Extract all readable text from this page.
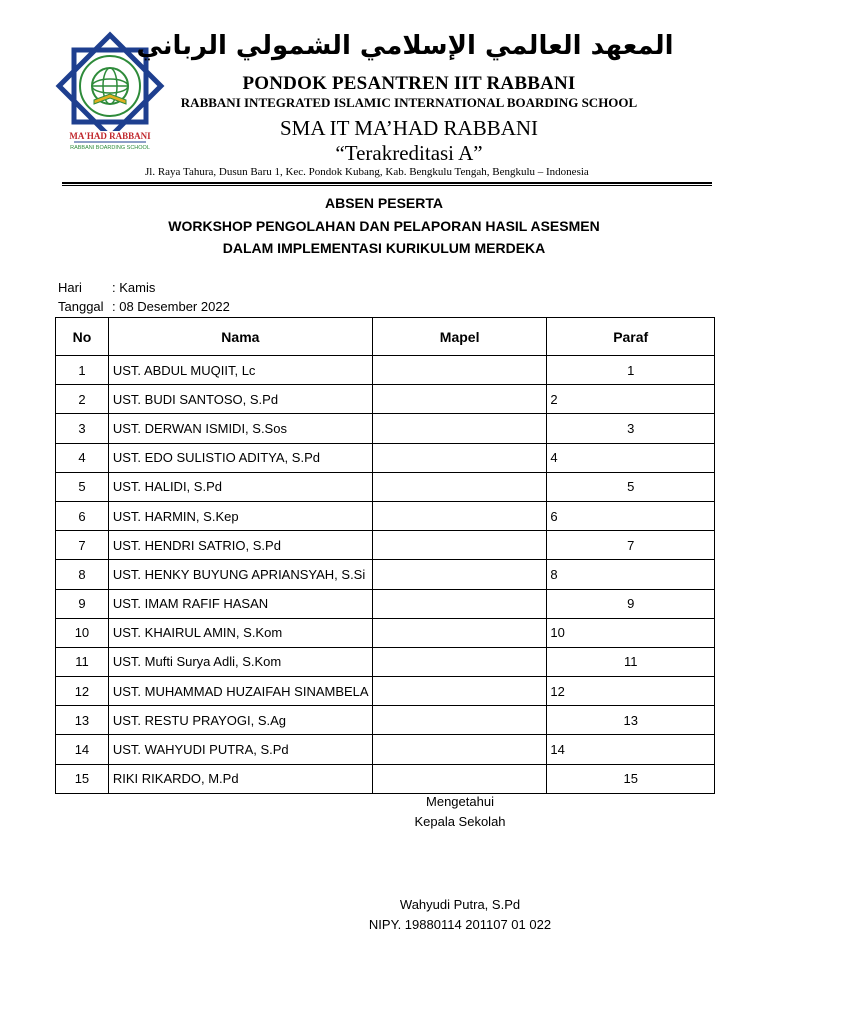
MA'HAD RABBANI
RABBANI BOARDING SCHOOL
المعهد العالمي الإسلامي الشمولي الرباني
PONDOK PESANTREN IIT RABBANI
RABBANI INTEGRATED ISLAMIC INTERNATIONAL BOARDING SCHOOL
SMA IT MA’HAD RABBANI
“Terakreditasi A”
Jl. Raya Tahura, Dusun Baru 1, Kec. Pondok Kubang, Kab. Bengkulu Tengah, Bengkulu – Indonesia
ABSEN PESERTA
WORKSHOP PENGOLAHAN DAN PELAPORAN HASIL ASESMEN
DALAM IMPLEMENTASI KURIKULUM MERDEKA
Hari : Kamis
Tanggal : 08 Desember 2022
No	Nama	Mapel	Paraf
1	UST. ABDUL MUQIIT, Lc		1
2	UST. BUDI SANTOSO, S.Pd		2
3	UST. DERWAN ISMIDI, S.Sos		3
4	UST. EDO SULISTIO ADITYA, S.Pd		4
5	UST. HALIDI, S.Pd		5
6	UST. HARMIN, S.Kep		6
7	UST. HENDRI SATRIO, S.Pd		7
8	UST. HENKY BUYUNG APRIANSYAH, S.Si		8
9	UST. IMAM RAFIF HASAN		9
10	UST. KHAIRUL AMIN, S.Kom		10
11	UST. Mufti Surya Adli, S.Kom		11
12	UST. MUHAMMAD HUZAIFAH SINAMBELA		12
13	UST. RESTU PRAYOGI, S.Ag		13
14	UST. WAHYUDI PUTRA, S.Pd		14
15	RIKI RIKARDO, M.Pd		15
Mengetahui
Kepala Sekolah
Wahyudi Putra, S.Pd
NIPY. 19880114 201107 01 022
